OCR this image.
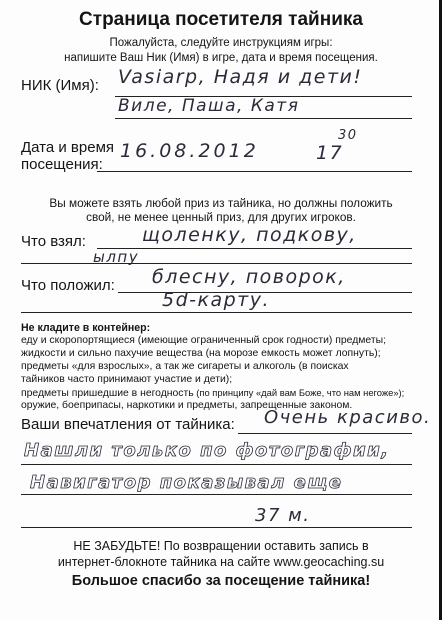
Страница посетителя тайника
Пожалуйста, следуйте инструкциям игры:
напишите Ваш Ник (Имя) в игре, дата и время посещения.
НИК (Имя): Vasiarp, Надя и дети!
Виле, Паша, Катя
Дата и время
посещения:
16.08.2012	17
30
Вы можете взять любой приз из тайника, но должны положить
свой, не менее ценный приз, для других игроков.
Что взял:	щоленку, подкову,
ылпу
Что положил: блесну, поворок,
5d-карту.
Не кладите в контейнер:
еду и скоропортящиеся (имеющие ограниченный срок годности) предметы;
жидкости и сильно пахучие вещества (на морозе емкость может лопнуть);
предметы «для взрослых», а так же сигареты и алкоголь (в поисках
тайников часто принимают участие и дети);
предметы пришедшие в негодность (по принципу «дай вам Боже, что нам негоже»);
оружие, боеприпасы, наркотики и предметы, запрещенные законом.
Ваши впечатления от тайника: Очень красиво.
Нашли только по фотографии,
Навигатор показывал еще
37 м.
НЕ ЗАБУДЬТЕ! По возвращении оставить запись в
интернет-блокноте тайника на сайте www.geocaching.su
Большое спасибо за посещение тайника!
